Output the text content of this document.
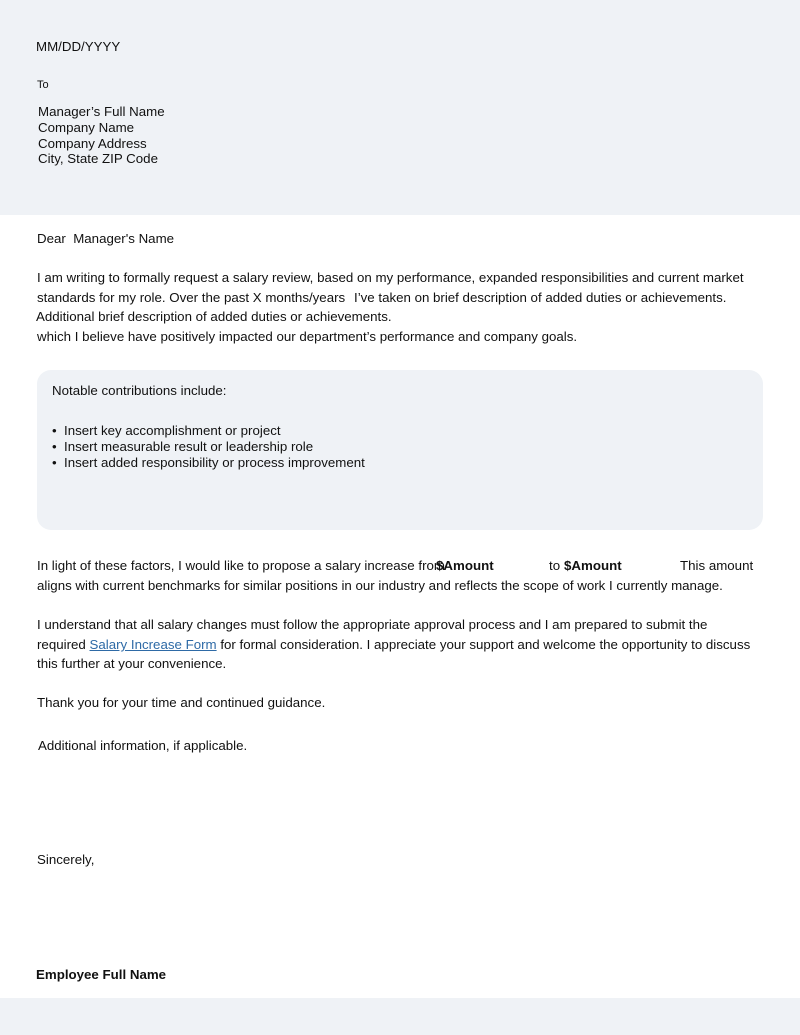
MM/DD/YYYY
To
Manager’s Full Name
Company Name
Company Address
City, State ZIP Code
Dear  Manager's Name
I am writing to formally request a salary review, based on my performance, expanded responsibilities and current market
standards for my role. Over the past X months/years I’ve taken on brief description of added duties or achievements.
Additional brief description of added duties or achievements.
which I believe have positively impacted our department’s performance and company goals.
Notable contributions include:
•  Insert key accomplishment or project
•  Insert measurable result or leadership role
•  Insert added responsibility or process improvement
In light of these factors, I would like to propose a salary increase from
$Amount	to $Amount	This amount
aligns with current benchmarks for similar positions in our industry and reflects the scope of work I currently manage.
I understand that all salary changes must follow the appropriate approval process and I am prepared to submit the
required Salary Increase Form for formal consideration. I appreciate your support and welcome the opportunity to discuss
this further at your convenience.
Thank you for your time and continued guidance.
Additional information, if applicable.
Sincerely,
Employee Full Name
